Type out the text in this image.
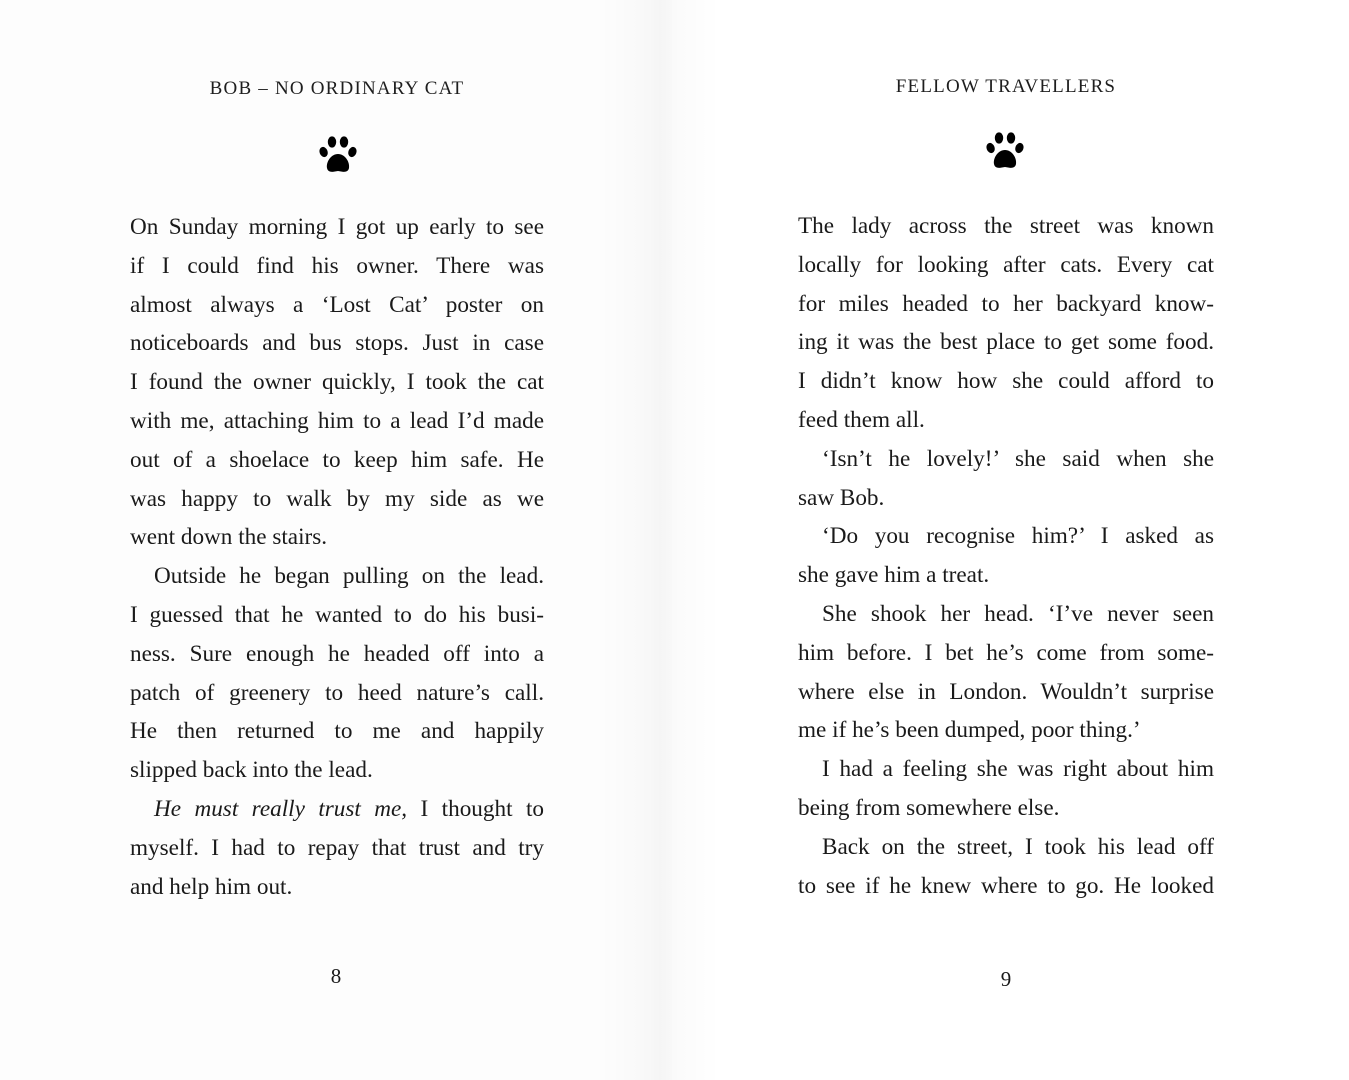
BOB – NO ORDINARY CAT
On Sunday morning I got up early to see
if I could find his owner. There was
almost always a ‘Lost Cat’ poster on
noticeboards and bus stops. Just in case
I found the owner quickly, I took the cat
with me, attaching him to a lead I’d made
out of a shoelace to keep him safe. He
was happy to walk by my side as we
went down the stairs.
Outside he began pulling on the lead.
I guessed that he wanted to do his busi-
ness. Sure enough he headed off into a
patch of greenery to heed nature’s call.
He then returned to me and happily
slipped back into the lead.
He must really trust me, I thought to
myself. I had to repay that trust and try
and help him out.
8
FELLOW TRAVELLERS
The lady across the street was known
locally for looking after cats. Every cat
for miles headed to her backyard know-
ing it was the best place to get some food.
I didn’t know how she could afford to
feed them all.
‘Isn’t he lovely!’ she said when she
saw Bob.
‘Do you recognise him?’ I asked as
she gave him a treat.
She shook her head. ‘I’ve never seen
him before. I bet he’s come from some-
where else in London. Wouldn’t surprise
me if he’s been dumped, poor thing.’
I had a feeling she was right about him
being from somewhere else.
Back on the street, I took his lead off
to see if he knew where to go. He looked
9
